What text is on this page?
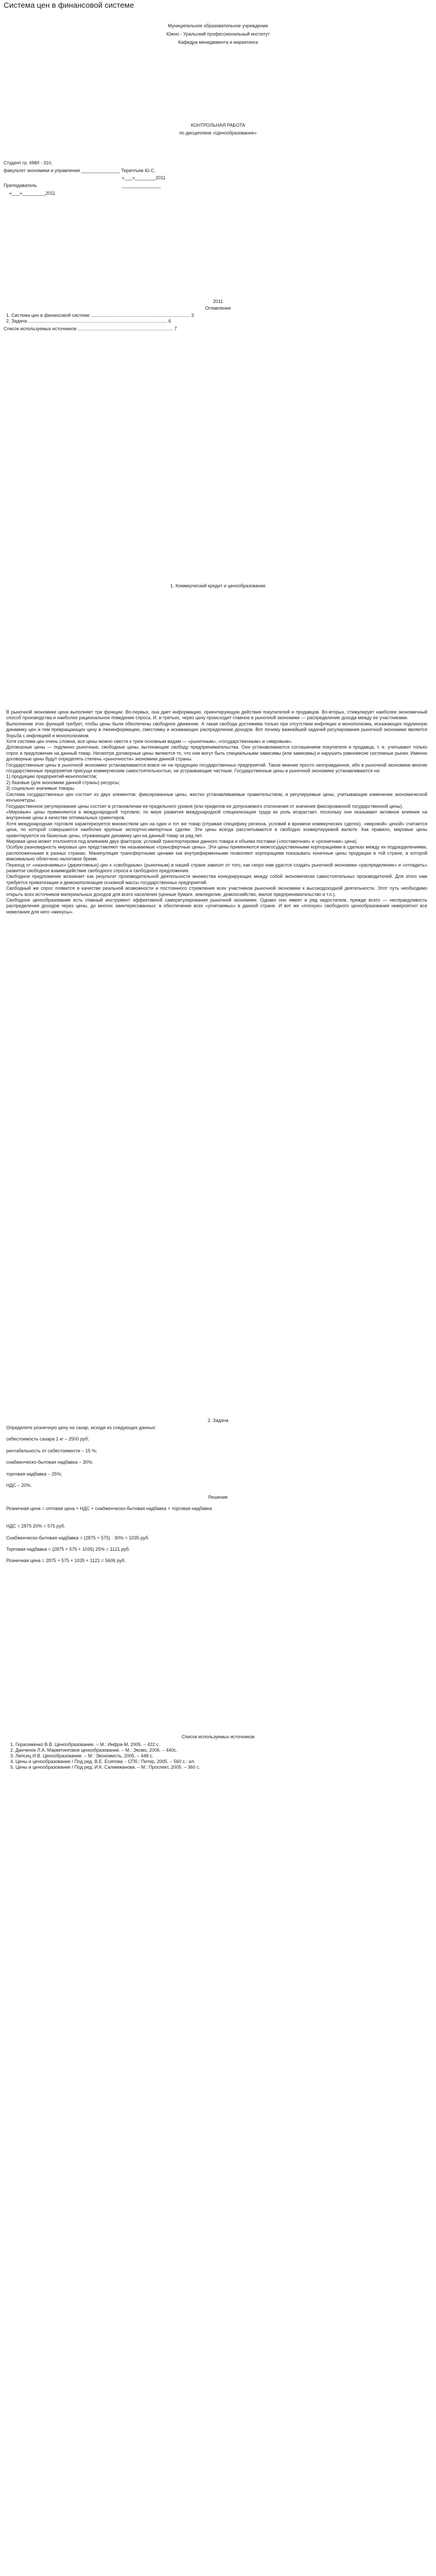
Система цен в финансовой системе
Муниципальное образовательное учреждение
Южно - Уральский профессиональный институт
Кафедра менеджмента и маркетинга
КОНТРОЛЬНАЯ РАБОТА
по дисциплине «Ценообразование»
Студент гр. КМИ - 310,
факультет экономики и управления _______________ Теричтьев Ю.С.
«___»________2011
Преподаватель	_______________
«___»_________2011
2011
Оглавление
1. Система цен в финансовой системе ............................................................................. 3
2. Задача ............................................................................................................ 6
Список используемых источников .......................................................................... 7
1. Коммерческий кредит и ценообразование

В рыночной экономике цена выполняет три функции. Во-первых, она дает информацию, ориентирующую действия покупателей и продавцов. Во-вторых, стимулирует наиболее экономичный способ производства и наиболее рациональное поведение спроса. И, в-третьих, через цену происходит главное в рыночной экономике — распределение дохода между ее участниками.

Выполнение этих функций требует, чтобы цены были обеспечены свободное движение. А такая свобода достижима только при отсутствии инфляции и монополизма, искажающих подлинную динамику цен и тем превращающих цену в лжеинформацию, сместимку и искажающих распределение доходов. Вот почему важнейшей задачей регулирования рыночной экономики является борьба с инфляцией и монополизмом.

Хотя система цен очень сложна, все цены можно свести к трем основным видам — «рыночным», «государственным» и «мировым».

Договорные цены — подлинно рыночные, свободные цены, вытекающие свободу предпринимательства. Они устанавливаются соглашением покупателя и продавца, т. е. учитывают только спрос и предложение на данный товар. Несмотря договорные цены являются то, что они могут быть специальными зависимы (или зависимы) и нарушить равновесие системные рынки. Именно договорные цены будут определять степень «рыночности» экономики данной страны.

Государственные цены в рыночной экономике устанавливаются вовсе не на продукцию государственных предприятий. Такое мнение просто неоправданное, ибо в рыночной экономике многие государственные предприятия присущи коммерческим самостоятельностью, не устраивающие частным. Государственные цены в рыночной экономике устанавливаются на:

1) продукцию предприятий-монополистов;

2) базовые (для экономики данной страны) ресурсы;

3) социально значимые товары.

Система государственных цен состоит из двух элементов: фиксированные цены, жестко устанавливаемые правительством, и регулируемые цены, учитывающие изменение экономической конъюнктуры.

Государственное регулирование цены состоит в установлении ее предельного уровня (или пределов ее допускаемого отклонения от значения фиксированной государственной цены).

«Мировые» цены применяются в международной торговле; по мере развития международной специализации труда их роль возрастает, поскольку они оказывают активное влияние на внутренние цены в качестве оптимальных ориентиров.

Хотя международная торговля характеризуется множеством цен на один и тот же товар (отражая специфику региона, условий в времени коммерческих сделок), «мировой» ценой» считается цена, по которой совершаются наиболее крупные экспортно-импортные сделки. Эти цены всегда рассчитываются в свободно конвертируемой валюте. Как правило, мировые цены ориентируются на базисные цены, отражающие динамику цен на данный товар за ряд лет.

Мировая цена может отклонятся под влиянием двух факторов: условий транспортировки данного товара и объема поставки («поставочная» и «розничная» цена).

Особую разновидность мировых цен представляют так называемые «трансфертные цены». Эти цены применяются межгосударственными корпорациями в сделках между их подразделениями, расположенными в разных странах. Манипуляция трансфертными ценами как внутрифирменными позволяют корпорациям показывать конечные цены продукции в той стране, в которой максимально облегчено налоговое бремя.

Переход от «назначаемых» (директивных) цен к «свободным» (рыночным) в нашей стране зависит от того, как скоро нам удастся создать рыночной экономики «распределение» и «отладить» развитое свободное взаимодействие свободного спроса и свободного предложения.

Свободное предложение возникает как результат производительной деятельности множества конкурирующих между собой экономически самостоятельных производителей. Для этого нам требуется приватизация и демонополизация основной массы государственных предприятий.

Свободный же спрос появится в качестве реальной возможности и постоянного стремления всех участников рыночной экономики к высокодоходной деятельности. Этот путь необходимо открыть всех источников материальных доходов для всего населения (ценные бумаги, земледелие, домохозяйство, малое предпринимательство и т.п.).

Свободное ценообразование есть главный инструмент эффективной саморегулирования рыночной экономики. Однако оно имеет и ряд недостатков, прежде всего — неспраедливость распределения доходов через цены, до многих заинтересованных: в обеспечении всех «угнетаемых» в данной стране. И вот же «плохую» свободного ценообразования невероятно! все нежелания для него «минусы».

2. Задача
Определите розничную цену на сахар, исходя из следующих данных:
себестоимость сахара 1 кг – 2500 руб;
рентабельность от себестоимости – 15 %;
снабженческо-бытовая надбавка – 30%;
торговая надбавка – 25%;
НДС – 20%.
Решение
Розничная цена = оптовая цена + НДС + снабженческо-бытовая надбавка + торговая надбавка
НДС = 2875 20% = 575 руб.
Снабженческо-бытовая надбавка = (2875 + 575) · 30% = 1035 руб.
Торговая надбавка = (2875 + 575 + 1035) 25% = 1121 руб.
Розничная цена = 2875 + 575 + 1035 + 1121 = 5606 руб.
Список используемых источников
1. Герасименко В.В. Ценообразование. – М.: Инфра-М, 2005. – 422 с.
2. Данченок Л.А. Маркетинговое ценообразование. – М.: Эксмо, 2006. – 440с.
3. Липсиц И.В. Ценообразование. – М.: Экономисть, 2005. – 448 с.
4. Цены и ценообразование / Под ред. В.Е. Есипова. - СПб.: Питер, 2005. – 560 с.: ил.
5. Цены и ценообразование / Под ред. И.К. Салимжанова. – М.: Проспект, 2005. – 360 с.
